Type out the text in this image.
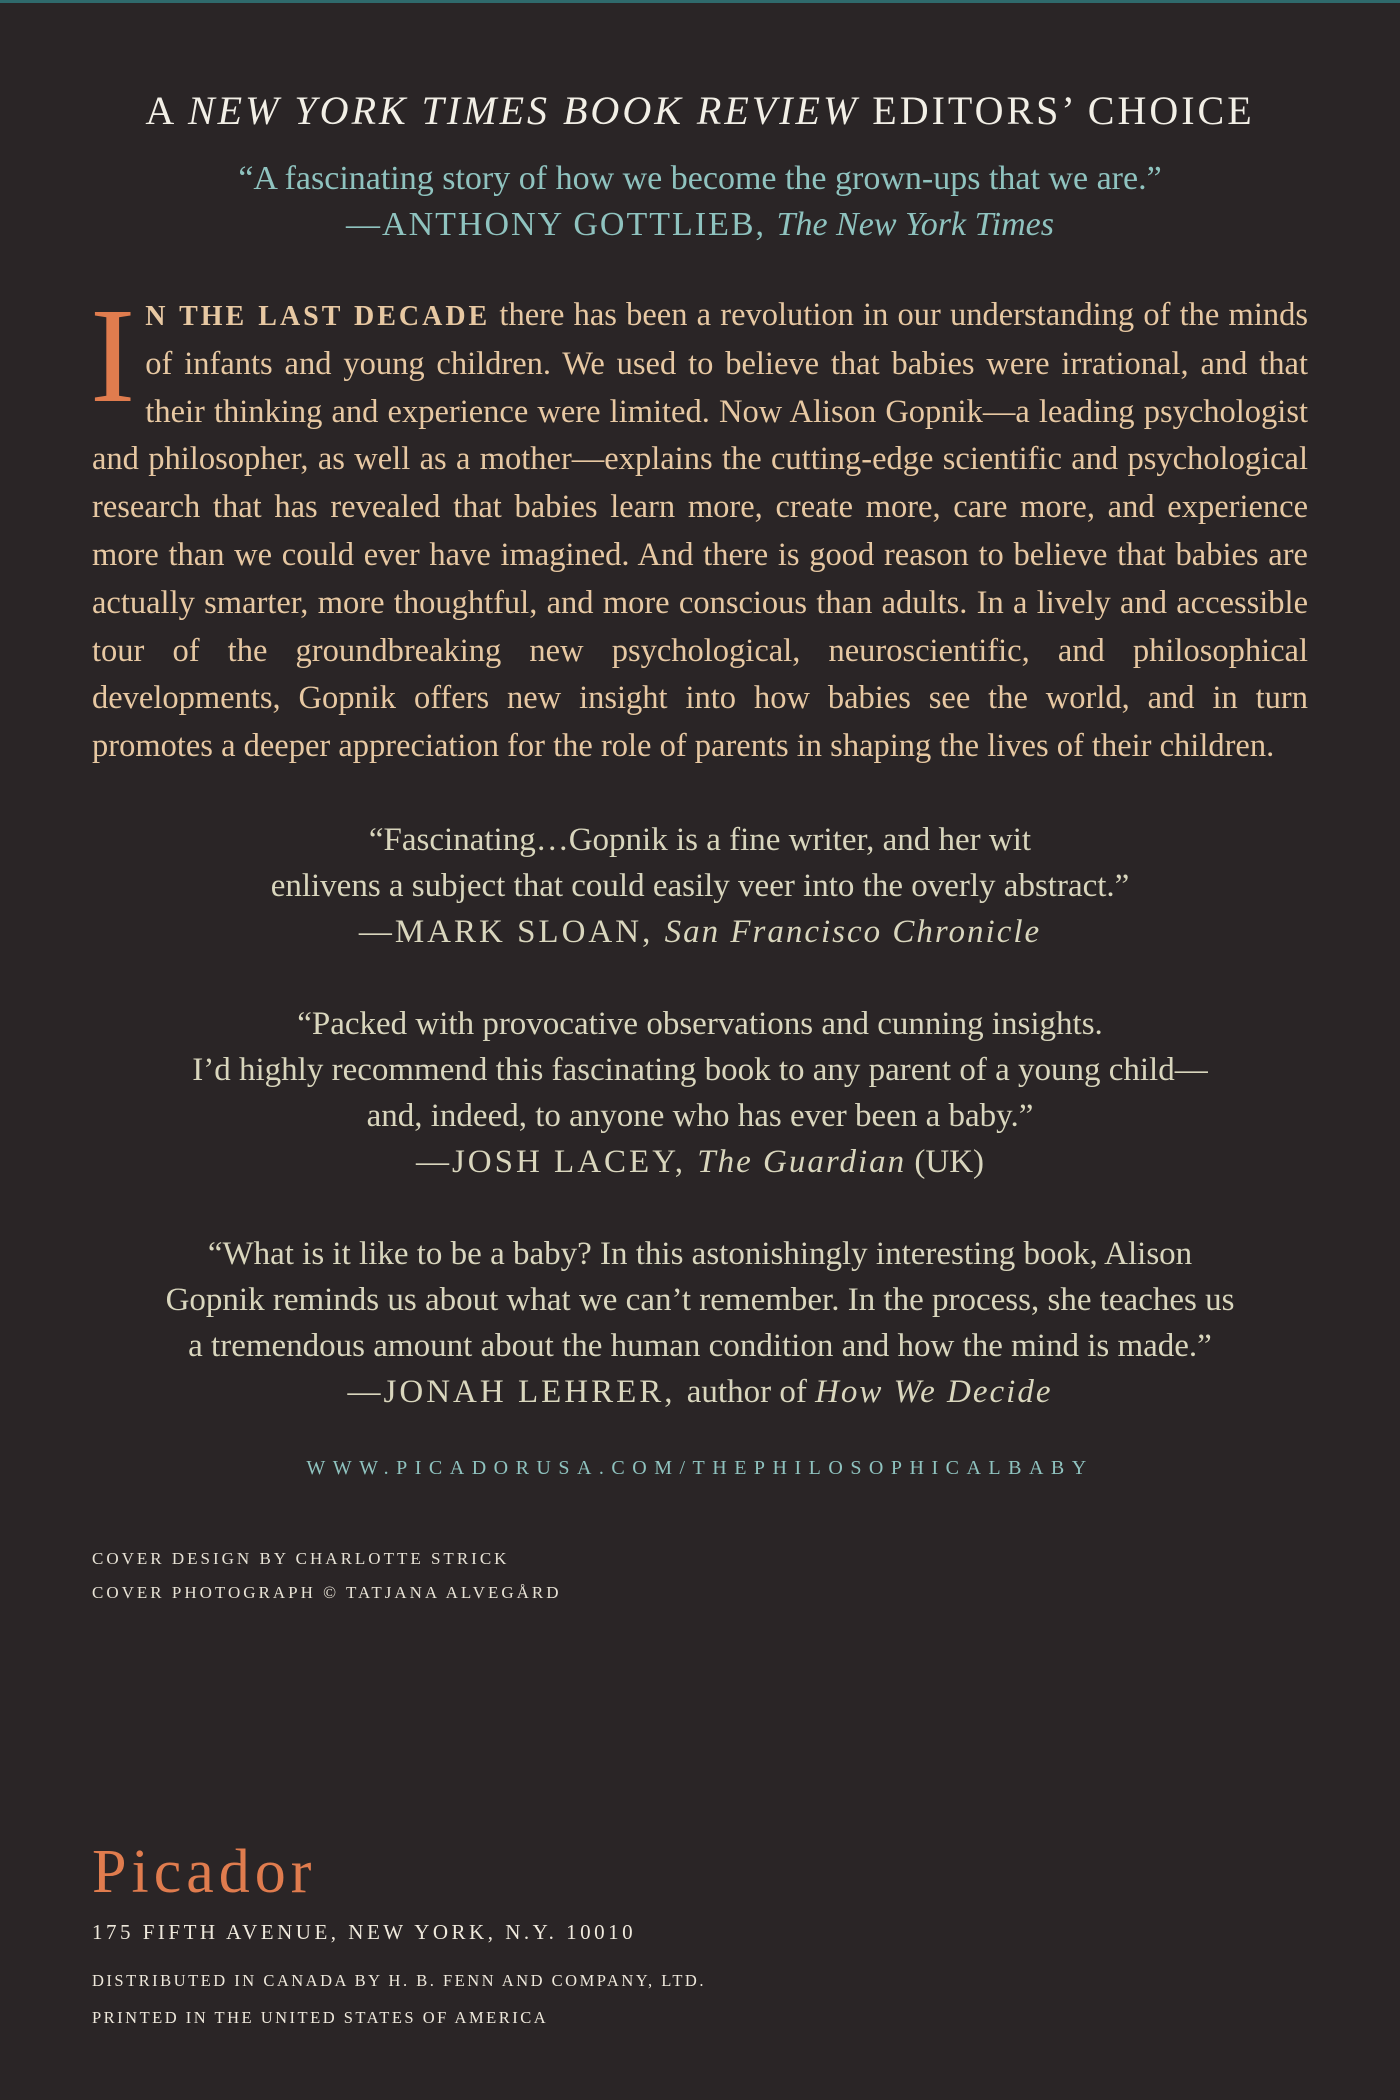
A NEW YORK TIMES BOOK REVIEW EDITORS’ CHOICE

“A fascinating story of how we become the grown-ups that we are.”
—ANTHONY GOTTLIEB, The New York Times
I N THE LAST DECADE there has been a revolution in our understanding of the minds of infants and young children. We used to believe that babies were irrational, and that their thinking and experience were limited. Now Alison Gopnik—a leading psychologist and philosopher, as well as a mother—explains the cutting-edge scientific and psychological research that has revealed that babies learn more, create more, care more, and experience more than we could ever have imagined. And there is good reason to believe that babies are actually smarter, more thoughtful, and more conscious than adults. In a lively and accessible tour of the groundbreaking new psychological, neuroscientific, and philosophical developments, Gopnik offers new insight into how babies see the world, and in turn promotes a deeper appreciation for the role of parents in shaping the lives of their children.
“Fascinating…Gopnik is a fine writer, and her wit
enlivens a subject that could easily veer into the overly abstract.”
—MARK SLOAN, San Francisco Chronicle
“Packed with provocative observations and cunning insights.
I’d highly recommend this fascinating book to any parent of a young child—
and, indeed, to anyone who has ever been a baby.”
—JOSH LACEY, The Guardian (UK)
“What is it like to be a baby? In this astonishingly interesting book, Alison
Gopnik reminds us about what we can’t remember. In the process, she teaches us
a tremendous amount about the human condition and how the mind is made.”
—JONAH LEHRER, author of How We Decide
WWW.PICADORUSA.COM/THEPHILOSOPHICALBABY
COVER DESIGN BY CHARLOTTE STRICK
COVER PHOTOGRAPH © TATJANA ALVEGÅRD
Picador
175 FIFTH AVENUE, NEW YORK, N.Y. 10010
DISTRIBUTED IN CANADA BY H. B. FENN AND COMPANY, LTD.
PRINTED IN THE UNITED STATES OF AMERICA
